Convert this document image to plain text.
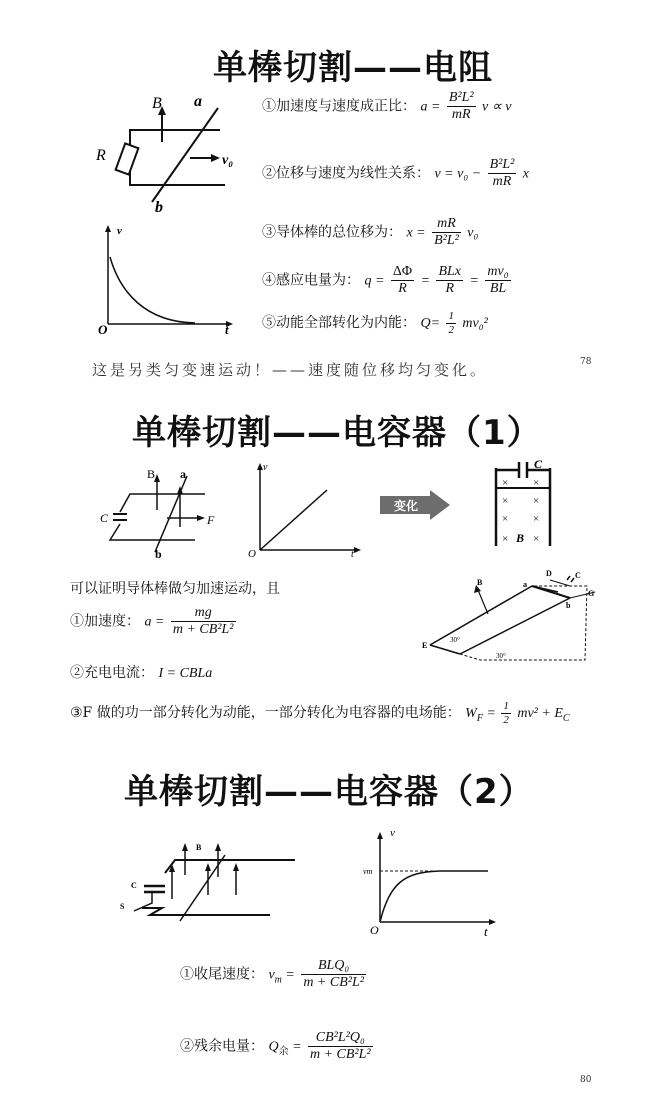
单棒切割——电阻
B a
R
b
v₀
v
t
O
①加速度与速度成正比： $a = \frac{\text{B²L²}}{mR}$ v ∝ v
②位移与速度为线性关系： $v = v_0 - \frac{\text{B²L²}}{mR}$ x
③导体棒的总位移为： $x = \frac{mR}{\text{B²L²}} v_0$
④感应电量为： $q = \frac{\Delta\Phi}{R} = \frac{\text{BLx}}{R} = \frac{\text{mv₀}}{BL}$
⑤动能全部转化为内能： $Q= \frac{1}{2} mv_0^2$
这是另类匀变速运动！——速度随位移均匀变化。	78
单棒切割——电容器（1）
B a
C	F
b
v
t
O
变化
× ×
× ×
× ×
× ×
C
B
可以证明导体棒做匀加速运动，且
①加速度： $a = \frac{mg}{\text{m + CB²L²}}$
②充电电流： I = CBLa
③F 做的功一部分转化为动能，一部分转化为电容器的电场能： $W_F = \frac{1}{2} mv^2 + E_C$
B	a
b
D	C
G
E
30°
30°
单棒切割——电容器（2）
B
C
S
v
t
O
vm
①收尾速度： $v_m = \frac{\text{BLQ₀}}{\text{m + CB²L²}}$
②残余电量： $Q_余 = \frac{\text{CB²L²Q₀}}{\text{m + CB²L²}}$
80
